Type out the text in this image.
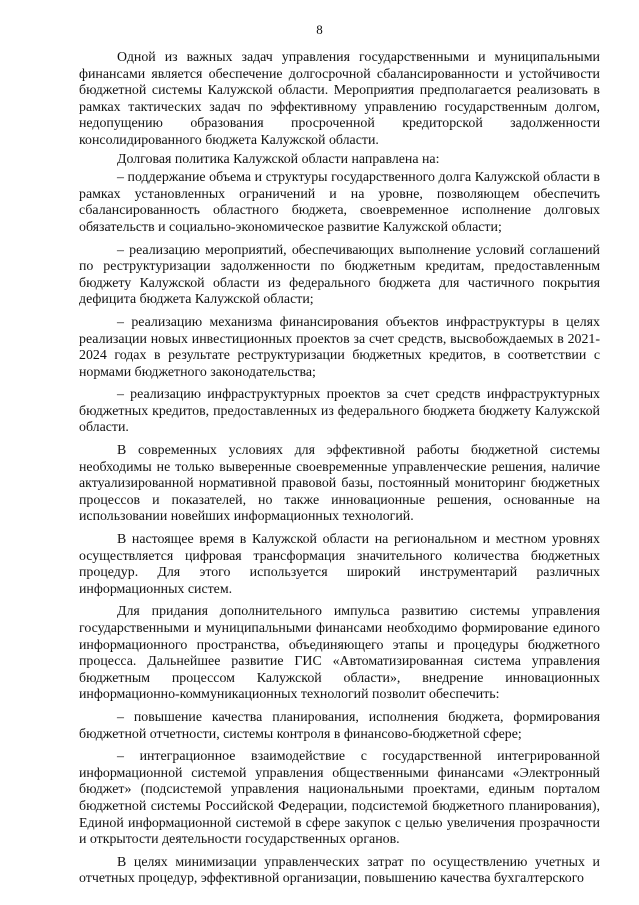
8

Одной из важных задач управления государственными и муниципальными финансами является обеспечение долгосрочной сбалансированности и устойчивости бюджетной системы Калужской области. Мероприятия предполагается реализовать в рамках тактических задач по эффективному управлению государственным долгом, недопущению образования просроченной кредиторской задолженности консолидированного бюджета Калужской области.

Долговая политика Калужской области направлена на:

– поддержание объема и структуры государственного долга Калужской области в рамках установленных ограничений и на уровне, позволяющем обеспечить сбалансированность областного бюджета, своевременное исполнение долговых обязательств и социально-экономическое развитие Калужской области;

– реализацию мероприятий, обеспечивающих выполнение условий соглашений по реструктуризации задолженности по бюджетным кредитам, предоставленным бюджету Калужской области из федерального бюджета для частичного покрытия дефицита бюджета Калужской области;

– реализацию механизма финансирования объектов инфраструктуры в целях реализации новых инвестиционных проектов за счет средств, высвобождаемых в 2021-2024 годах в результате реструктуризации бюджетных кредитов, в соответствии с нормами бюджетного законодательства;

– реализацию инфраструктурных проектов за счет средств инфраструктурных бюджетных кредитов, предоставленных из федерального бюджета бюджету Калужской области.

В современных условиях для эффективной работы бюджетной системы необходимы не только выверенные своевременные управленческие решения, наличие актуализированной нормативной правовой базы, постоянный мониторинг бюджетных процессов и показателей, но также инновационные решения, основанные на использовании новейших информационных технологий.

В настоящее время в Калужской области на региональном и местном уровнях осуществляется цифровая трансформация значительного количества бюджетных процедур. Для этого используется широкий инструментарий различных информационных систем.

Для придания дополнительного импульса развитию системы управления государственными и муниципальными финансами необходимо формирование единого информационного пространства, объединяющего этапы и процедуры бюджетного процесса. Дальнейшее развитие ГИС «Автоматизированная система управления бюджетным процессом Калужской области», внедрение инновационных информационно-коммуникационных технологий позволит обеспечить:

– повышение качества планирования, исполнения бюджета, формирования бюджетной отчетности, системы контроля в финансово-бюджетной сфере;

– интеграционное взаимодействие с государственной интегрированной информационной системой управления общественными финансами «Электронный бюджет» (подсистемой управления национальными проектами, единым порталом бюджетной системы Российской Федерации, подсистемой бюджетного планирования), Единой информационной системой в сфере закупок с целью увеличения прозрачности и открытости деятельности государственных органов.

В целях минимизации управленческих затрат по осуществлению учетных и отчетных процедур, эффективной организации, повышению качества бухгалтерского
